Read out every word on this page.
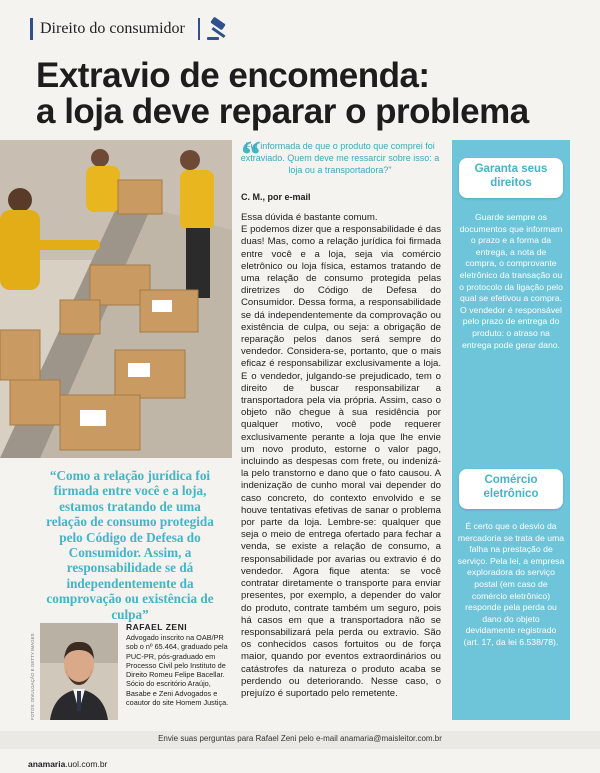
Direito do consumidor
Extravio de encomenda:
a loja deve reparar o problema
“Como a relação jurídica foi firmada entre você e a loja, estamos tratando de uma relação de consumo protegida pelo Código de Defesa do Consumidor. Assim, a responsabilidade se dá independentemente da comprovação ou existência de culpa”
FOTOS: DIVULGAÇÃO E GETTY IMAGES
RAFAEL ZENI
Advogado inscrito na OAB/PR sob o nº 65.464, graduado pela PUC-PR, pós-graduado em Processo Civil pelo Instituto de Direito Romeu Felipe Bacellar. Sócio do escritório Araújo, Basabe e Zeni Advogados e coautor do site Homem Justiça.
“
Fui informada de que o produto que comprei foi extraviado. Quem deve me ressarcir sobre isso: a loja ou a transportadora?"
C. M., por e-mail

Essa dúvida é bastante comum.

E podemos dizer que a responsabilidade é das duas! Mas, como a relação jurídica foi firmada entre você e a loja, seja via comércio eletrônico ou loja física, estamos tratando de uma relação de consumo protegida pelas diretrizes do Código de Defesa do Consumidor. Dessa forma, a responsabilidade se dá independentemente da comprovação ou existência de culpa, ou seja: a obrigação de reparação pelos danos será sempre do vendedor. Considera-se, portanto, que o mais eficaz é responsabilizar exclusivamente a loja. E o vendedor, julgando-se prejudicado, tem o direito de buscar responsabilizar a transportadora pela via própria. Assim, caso o objeto não chegue à sua residência por qualquer motivo, você pode requerer exclusivamente perante a loja que lhe envie um novo produto, estorne o valor pago, incluindo as despesas com frete, ou indenizá-la pelo transtorno e dano que o fato causou. A indenização de cunho moral vai depender do caso concreto, do contexto envolvido e se houve tentativas efetivas de sanar o problema por parte da loja. Lembre-se: qualquer que seja o meio de entrega ofertado para fechar a venda, se existe a relação de consumo, a responsabilidade por avarias ou extravio é do vendedor. Agora fique atenta: se você contratar diretamente o transporte para enviar presentes, por exemplo, a depender do valor do produto, contrate também um seguro, pois há casos em que a transportadora não se responsabilizará pela perda ou extravio. São os conhecidos casos fortuitos ou de força maior, quando por eventos extraordinários ou catástrofes da natureza o produto acaba se perdendo ou deteriorando. Nesse caso, o prejuízo é suportado pelo remetente.

Garanta seus direitos
Guarde sempre os documentos que informam o prazo e a forma da entrega, a nota de compra, o comprovante eletrônico da transação ou o protocolo da ligação pelo qual se efetivou a compra. O vendedor é responsável pelo prazo de entrega do produto: o atraso na entrega pode gerar dano.
Comércio eletrônico
É certo que o desvio da mercadoria se trata de uma falha na prestação de serviço. Pela lei, a empresa exploradora do serviço postal (em caso de comércio eletrônico) responde pela perda ou dano do objeto devidamente registrado (art. 17, da lei 6.538/78).
Envie suas perguntas para Rafael Zeni pelo e-mail anamaria@maisleitor.com.br
anamaria.uol.com.br
